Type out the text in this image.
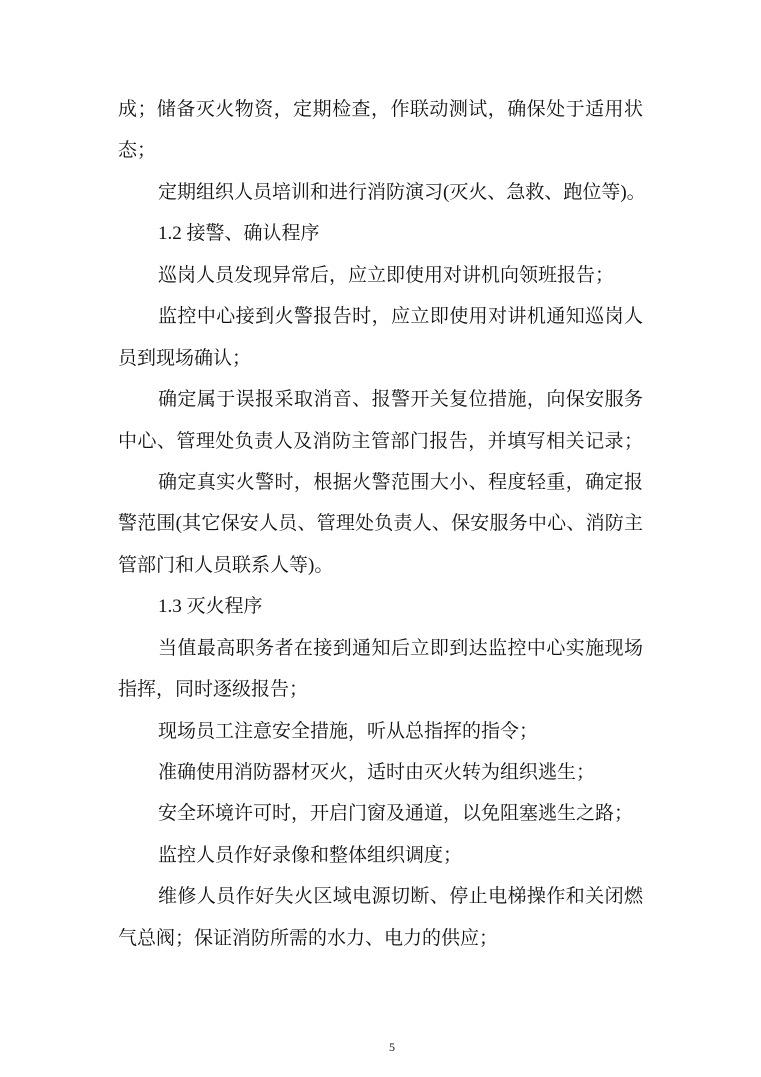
成；储备灭火物资，定期检查，作联动测试，确保处于适用状
态；
定期组织人员培训和进行消防演习(灭火、急救、跑位等)。
1.2 接警、确认程序
巡岗人员发现异常后，应立即使用对讲机向领班报告；
监控中心接到火警报告时，应立即使用对讲机通知巡岗人
员到现场确认；
确定属于误报采取消音、报警开关复位措施，向保安服务
中心、管理处负责人及消防主管部门报告，并填写相关记录；
确定真实火警时，根据火警范围大小、程度轻重，确定报
警范围(其它保安人员、管理处负责人、保安服务中心、消防主
管部门和人员联系人等)。
1.3 灭火程序
当值最高职务者在接到通知后立即到达监控中心实施现场
指挥，同时逐级报告；
现场员工注意安全措施，听从总指挥的指令；
准确使用消防器材灭火，适时由灭火转为组织逃生；
安全环境许可时，开启门窗及通道，以免阻塞逃生之路；
监控人员作好录像和整体组织调度；
维修人员作好失火区域电源切断、停止电梯操作和关闭燃
气总阀；保证消防所需的水力、电力的供应；
5
